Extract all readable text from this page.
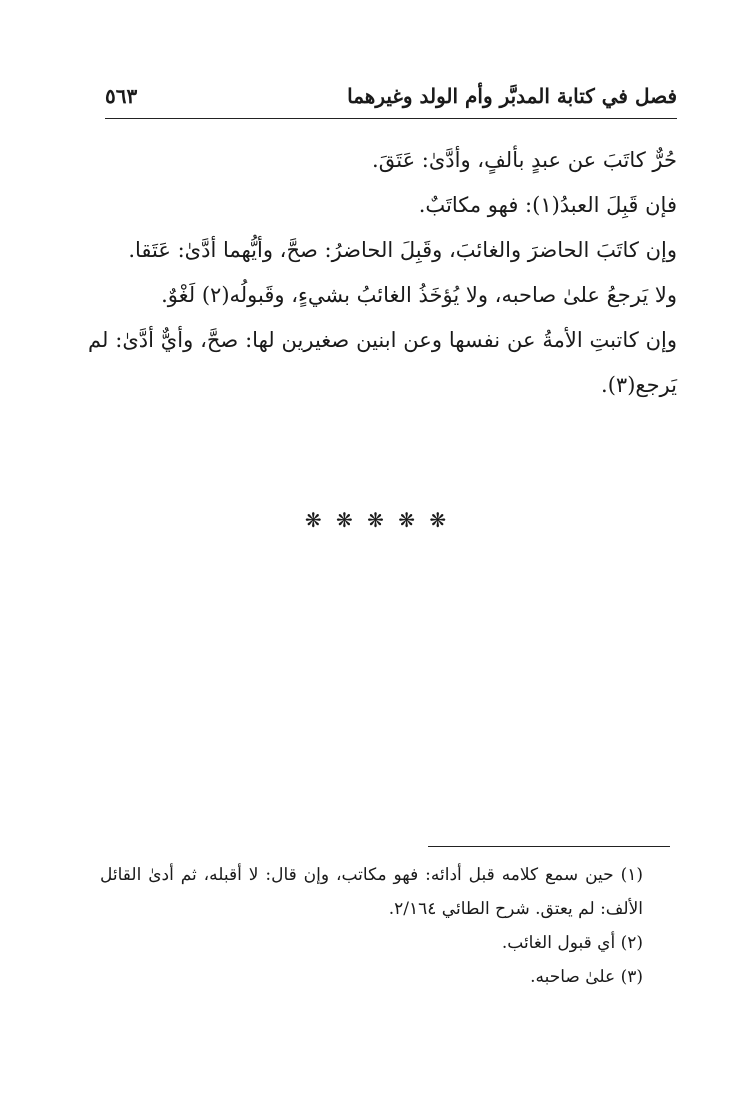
فصل في كتابة المدبَّر وأم الولد وغيرهما
٥٦٣

حُرٌّ كاتَبَ عن عبدٍ بألفٍ، وأدَّىٰ: عَتَقَ.

فإن قَبِلَ العبدُ(١): فهو مكاتَبٌ.

وإن كاتَبَ الحاضرَ والغائبَ، وقَبِلَ الحاضرُ: صحَّ، وأيُّهما أدَّىٰ: عَتَقا.

ولا يَرجعُ علىٰ صاحبه، ولا يُؤخَذُ الغائبُ بشيءٍ، وقَبولُه(٢) لَغْوٌ.

وإن كاتبتِ الأمةُ عن نفسها وعن ابنين صغيرين لها: صحَّ، وأيٌّ أدَّىٰ: لم يَرجع(٣).

❋ ❋ ❋ ❋ ❋

(١) حين سمع كلامه قبل أدائه: فهو مكاتب، وإن قال: لا أقبله، ثم أدىٰ القائل الألف: لم يعتق. شرح الطائي ٢/١٦٤.

(٢) أي قبول الغائب.

(٣) علىٰ صاحبه.
